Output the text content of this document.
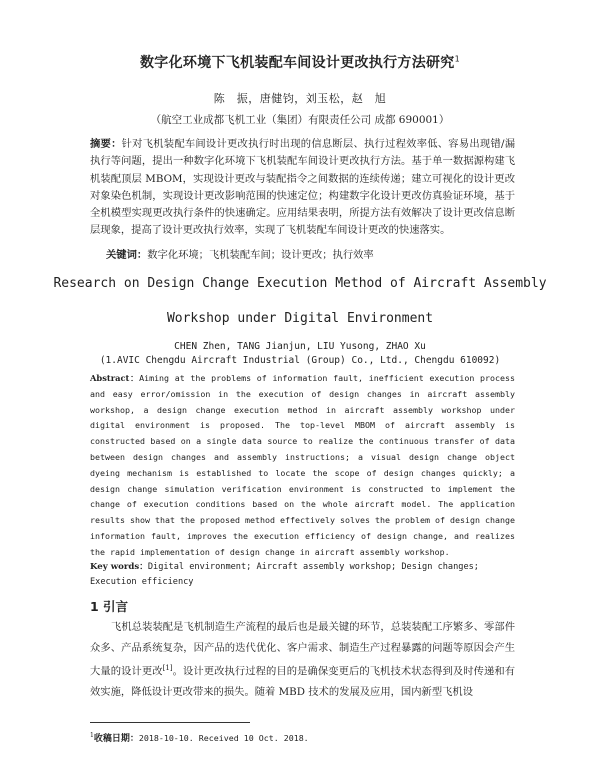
数字化环境下飞机装配车间设计更改执行方法研究$^1$
陈　振，唐健钧，刘玉松，赵　旭
（航空工业成都飞机工业（集团）有限责任公司 成都 690001）
摘要：针对飞机装配车间设计更改执行时出现的信息断层、执行过程效率低、容易出现错/漏执行等问题，提出一种数字化环境下飞机装配车间设计更改执行方法。基于单一数据源构建飞机装配顶层 MBOM，实现设计更改与装配指令之间数据的连续传递；建立可视化的设计更改对象染色机制，实现设计更改影响范围的快速定位；构建数字化设计更改仿真验证环境，基于全机模型实现更改执行条件的快速确定。应用结果表明，所提方法有效解决了设计更改信息断层现象，提高了设计更改执行效率，实现了飞机装配车间设计更改的快速落实。
关键词：数字化环境；飞机装配车间；设计更改；执行效率
Research on Design Change Execution Method of Aircraft Assembly
Workshop under Digital Environment
CHEN Zhen, TANG Jianjun, LIU Yusong, ZHAO Xu
(1.AVIC Chengdu Aircraft Industrial (Group) Co., Ltd., Chengdu 610092)
Abstract：Aiming at the problems of information fault, inefficient execution process and easy error/omission in the execution of design changes in aircraft assembly workshop, a design change execution method in aircraft assembly workshop under digital environment is proposed. The top-level MBOM of aircraft assembly is constructed based on a single data source to realize the continuous transfer of data between design changes and assembly instructions; a visual design change object dyeing mechanism is established to locate the scope of design changes quickly; a design change simulation verification environment is constructed to implement the change of execution conditions based on the whole aircraft model. The application results show that the proposed method effectively solves the problem of design change information fault, improves the execution efficiency of design change, and realizes the rapid implementation of design change in aircraft assembly workshop.
Key words：Digital environment; Aircraft assembly workshop; Design changes; Execution efficiency
1 引言
飞机总装装配是飞机制造生产流程的最后也是最关键的环节，总装装配工序繁多、零部件众多、产品系统复杂，因产品的迭代优化、客户需求、制造生产过程暴露的问题等原因会产生大量的设计更改[1]。设计更改执行过程的目的是确保变更后的飞机技术状态得到及时传递和有效实施，降低设计更改带来的损失。随着 MBD 技术的发展及应用，国内新型飞机设
$^1$收稿日期：2018-10-10. Received 10 Oct. 2018.
